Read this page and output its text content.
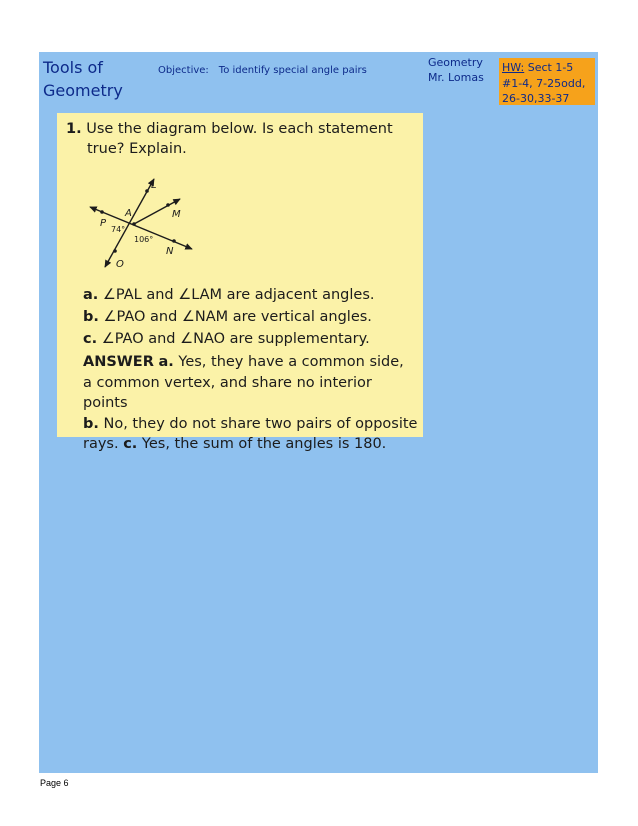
Tools of
Geometry
Objective: To identify special angle pairs
Geometry
Mr. Lomas
HW: Sect 1-5
#1-4, 7-25odd,
26-30,33-37
1. Use the diagram below. Is each statement
true? Explain.
L
A	M
P
N
O
74°
106°
a. ∠PAL and ∠LAM are adjacent angles.
b. ∠PAO and ∠NAM are vertical angles.
c. ∠PAO and ∠NAO are supplementary.
ANSWER a. Yes, they have a common side,
a common vertex, and share no interior points
b. No, they do not share two pairs of opposite
rays. c. Yes, the sum of the angles is 180.
Page 6
